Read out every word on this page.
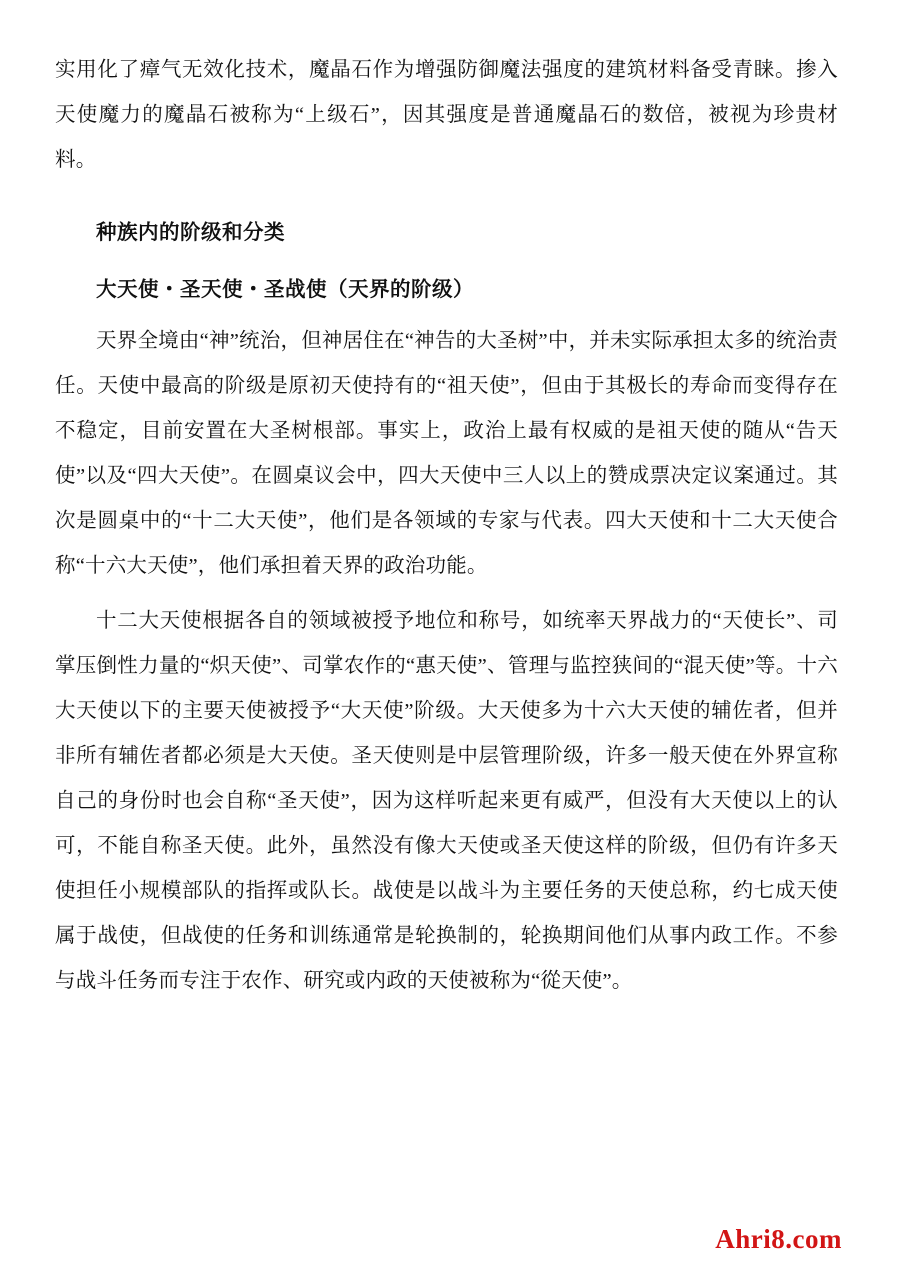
实用化了瘴气无效化技术，魔晶石作为增强防御魔法强度的建筑材料备受青睐。掺入天使魔力的魔晶石被称为“上级石”，因其强度是普通魔晶石的数倍，被视为珍贵材料。

种族内的阶级和分类
大天使・圣天使・圣战使（天界的阶级）

天界全境由“神”统治，但神居住在“神告的大圣树”中，并未实际承担太多的统治责任。天使中最高的阶级是原初天使持有的“祖天使”，但由于其极长的寿命而变得存在不稳定，目前安置在大圣树根部。事实上，政治上最有权威的是祖天使的随从“告天使”以及“四大天使”。在圆桌议会中，四大天使中三人以上的赞成票决定议案通过。其次是圆桌中的“十二大天使”，他们是各领域的专家与代表。四大天使和十二大天使合称“十六大天使”，他们承担着天界的政治功能。

十二大天使根据各自的领域被授予地位和称号，如统率天界战力的“天使长”、司掌压倒性力量的“炽天使”、司掌农作的“惠天使”、管理与监控狭间的“混天使”等。十六大天使以下的主要天使被授予“大天使”阶级。大天使多为十六大天使的辅佐者，但并非所有辅佐者都必须是大天使。圣天使则是中层管理阶级，许多一般天使在外界宣称自己的身份时也会自称“圣天使”，因为这样听起来更有威严，但没有大天使以上的认可，不能自称圣天使。此外，虽然没有像大天使或圣天使这样的阶级，但仍有许多天使担任小规模部队的指挥或队长。战使是以战斗为主要任务的天使总称，约七成天使属于战使，但战使的任务和训练通常是轮换制的，轮换期间他们从事内政工作。不参与战斗任务而专注于农作、研究或内政的天使被称为“從天使”。

Ahri8.com
